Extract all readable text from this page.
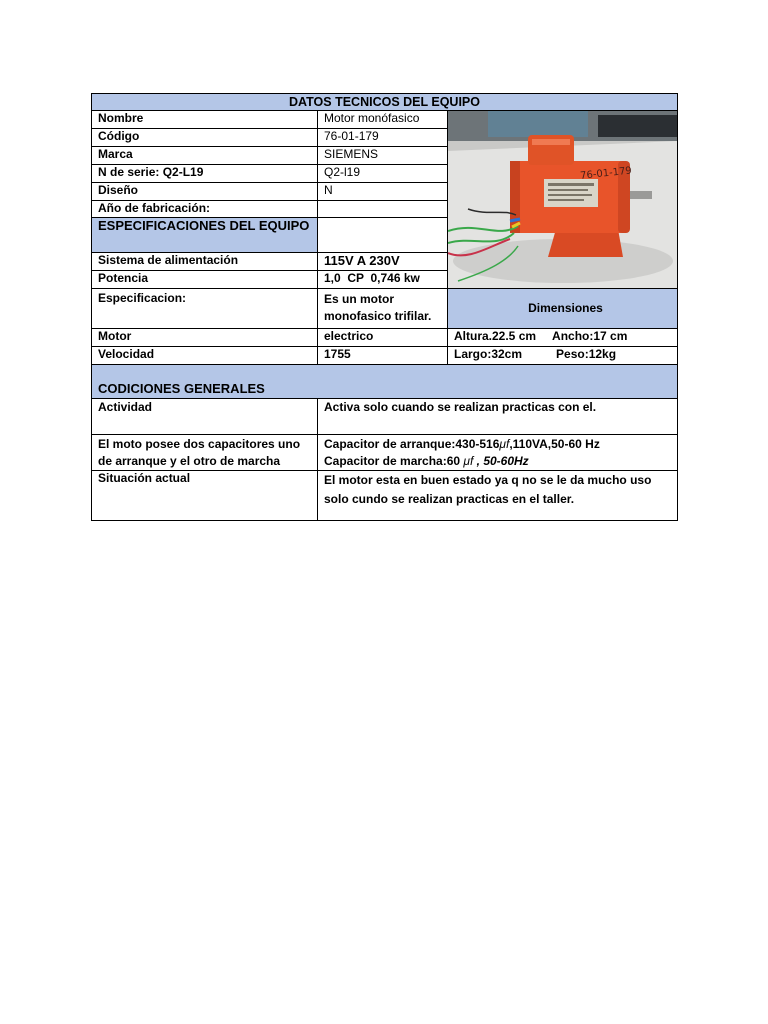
DATOS TECNICOS DEL EQUIPO		
Nombre	Motor monófasico	76-01-179

Código	76-01-179	
Marca	SIEMENS	
N de serie: Q2-L19	Q2-l19	
Diseño	N	
Año de fabricación:		
ESPECIFICACIONES DEL EQUIPO		
Sistema de alimentación	115V A 230V	
Potencia	1,0  CP  0,746 kw	
Especificacion:	Es un motor monofasico trifilar.	Dimensiones
Motor	electrico	Altura.22.5 cm Ancho:17 cm
Velocidad	1755	Largo:32cm Peso:12kg
CODICIONES GENERALES		
Actividad	Activa solo cuando se realizan practicas con el.	
El moto posee dos capacitores uno de arranque y el otro de marcha	Capacitor de arranque:430-516μf,110VA,50-60 Hz
Capacitor de marcha:60 μf , 50-60Hz	

Situación actual	El motor esta en buen estado ya q no se le da mucho uso solo cundo se realizan practicas en el taller.	
